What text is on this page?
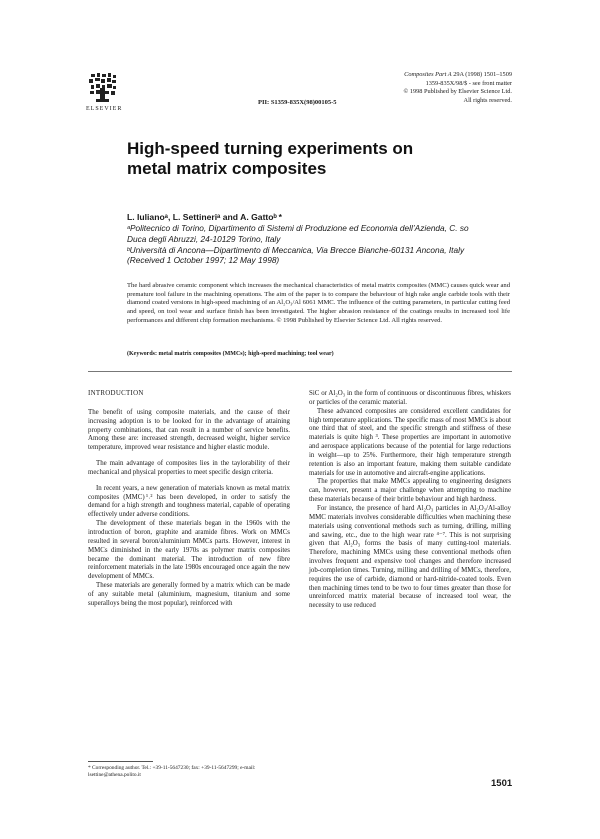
ELSEVIER
Composites Part A 29A (1998) 1501–1509
1359-835X/98/$ - see front matter
© 1998 Published by Elsevier Science Ltd.
All rights reserved.
PII: S1359-835X(98)00105-5
High-speed turning experiments on metal matrix composites
L. Iulianoᵃ, L. Settineriᵃ and A. Gattoᵇ *
ᵃPolitecnico di Torino, Dipartimento di Sistemi di Produzione ed Economia dell’Azienda, C. so Duca degli Abruzzi, 24-10129 Torino, Italy
ᵇUniversità di Ancona—Dipartimento di Meccanica, Via Brecce Bianche-60131 Ancona, Italy
(Received 1 October 1997; 12 May 1998)
The hard abrasive ceramic component which increases the mechanical characteristics of metal matrix composites (MMC) causes quick wear and premature tool failure in the machining operations. The aim of the paper is to compare the behaviour of high rake angle carbide tools with their diamond coated versions in high-speed machining of an Al₂O₃/Al 6061 MMC. The influence of the cutting parameters, in particular cutting feed and speed, on tool wear and surface finish has been investigated. The higher abrasion resistance of the coatings results in increased tool life performances and different chip formation mechanisms. © 1998 Published by Elsevier Science Ltd. All rights reserved.
(Keywords: metal matrix composites (MMCs); high-speed machining; tool wear)

INTRODUCTION

The benefit of using composite materials, and the cause of their increasing adoption is to be looked for in the advantage of attaining property combinations, that can result in a number of service benefits. Among these are: increased strength, decreased weight, higher service temperature, improved wear resistance and higher elastic module.

The main advantage of composites lies in the taylorability of their mechanical and physical properties to meet specific design criteria.

In recent years, a new generation of materials known as metal matrix composites (MMC) ¹˒² has been developed, in order to satisfy the demand for a high strength and toughness material, capable of operating effectively under adverse conditions.

The development of these materials began in the 1960s with the introduction of boron, graphite and aramide fibres. Work on MMCs resulted in several boron/aluminium MMCs parts. However, interest in MMCs diminished in the early 1970s as polymer matrix composites became the dominant material. The introduction of new fibre reinforcement materials in the late 1980s encouraged once again the new development of MMCs.

These materials are generally formed by a matrix which can be made of any suitable metal (aluminium, magnesium, titanium and some superalloys being the most popular), reinforced with

SiC or Al₂O₃ in the form of continuous or discontinuous fibres, whiskers or particles of the ceramic material.

These advanced composites are considered excellent candidates for high temperature applications. The specific mass of most MMCs is about one third that of steel, and the specific strength and stiffness of these materials is quite high ³. These properties are important in automotive and aerospace applications because of the potential for large reductions in weight—up to 25%. Furthermore, their high temperature strength retention is also an important feature, making them suitable candidate materials for use in automotive and aircraft-engine applications.

The properties that make MMCs appealing to engineering designers can, however, present a major challenge when attempting to machine these materials because of their brittle behaviour and high hardness.

For instance, the presence of hard Al₂O₃ particles in Al₂O₃/Al-alloy MMC materials involves considerable difficulties when machining these materials using conventional methods such as turning, drilling, milling and sawing, etc., due to the high wear rate ⁴⁻⁷. This is not surprising given that Al₂O₃ forms the basis of many cutting-tool materials. Therefore, machining MMCs using these conventional methods often involves frequent and expensive tool changes and therefore increased job-completion times. Turning, milling and drilling of MMCs, therefore, requires the use of carbide, diamond or hard-nitride-coated tools. Even then machining times tend to be two to four times greater than those for unreinforced matrix material because of increased tool wear, the necessity to use reduced

* Corresponding author. Tel.: +39-11-5647230; fax: +39-11-5647299; e-mail: lsettine@athena.polito.it
1501
